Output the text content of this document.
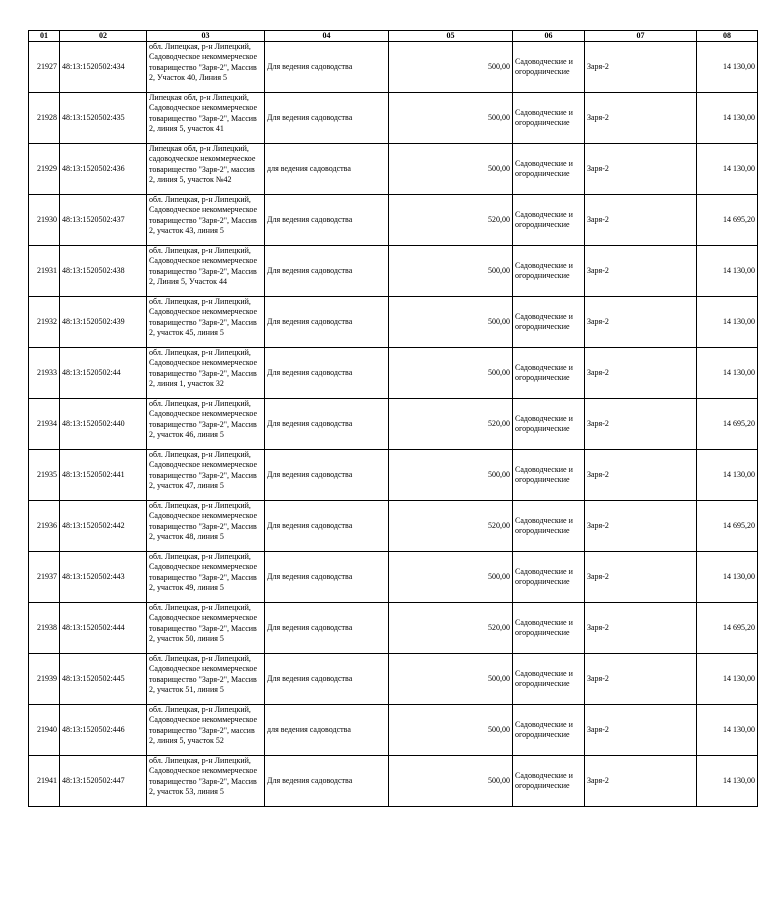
01	02	03	04	05	06	07	08
21927	48:13:1520502:434	обл. Липецкая, р-н Липецкий, Садоводческое некоммерческое товарищество "Заря-2", Массив 2, Участок 40, Линия 5	Для ведения садоводства	500,00	Садоводческие и огороднические	Заря-2	14 130,00
21928	48:13:1520502:435	Липецкая обл, р-н Липецкий, Садоводческое некоммерческое товарищество "Заря-2", Массив 2, линия 5, участок 41	Для ведения садоводства	500,00	Садоводческие и огороднические	Заря-2	14 130,00
21929	48:13:1520502:436	Липецкая обл, р-н Липецкий, садоводческое некоммерческое товарищество "Заря-2", массив 2, линия 5, участок №42	для ведения садоводства	500,00	Садоводческие и огороднические	Заря-2	14 130,00
21930	48:13:1520502:437	обл. Липецкая, р-н Липецкий, Садоводческое некоммерческое товарищество "Заря-2", Массив 2, участок 43, линия 5	Для ведения садоводства	520,00	Садоводческие и огороднические	Заря-2	14 695,20
21931	48:13:1520502:438	обл. Липецкая, р-н Липецкий, Садоводческое некоммерческое товарищество "Заря-2", Массив 2, Линия 5, Участок 44	Для ведения садоводства	500,00	Садоводческие и огороднические	Заря-2	14 130,00
21932	48:13:1520502:439	обл. Липецкая, р-н Липецкий, Садоводческое некоммерческое товарищество "Заря-2", Массив 2, участок 45, линия 5	Для ведения садоводства	500,00	Садоводческие и огороднические	Заря-2	14 130,00
21933	48:13:1520502:44	обл. Липецкая, р-н Липецкий, Садоводческое некоммерческое товарищество "Заря-2", Массив 2, линия 1, участок 32	Для ведения садоводства	500,00	Садоводческие и огороднические	Заря-2	14 130,00
21934	48:13:1520502:440	обл. Липецкая, р-н Липецкий, Садоводческое некоммерческое товарищество "Заря-2", Массив 2, участок 46, линия 5	Для ведения садоводства	520,00	Садоводческие и огороднические	Заря-2	14 695,20
21935	48:13:1520502:441	обл. Липецкая, р-н Липецкий, Садоводческое некоммерческое товарищество "Заря-2", Массив 2, участок 47, линия 5	Для ведения садоводства	500,00	Садоводческие и огороднические	Заря-2	14 130,00
21936	48:13:1520502:442	обл. Липецкая, р-н Липецкий, Садоводческое некоммерческое товарищество "Заря-2", Массив 2, участок 48, линия 5	Для ведения садоводства	520,00	Садоводческие и огороднические	Заря-2	14 695,20
21937	48:13:1520502:443	обл. Липецкая, р-н Липецкий, Садоводческое некоммерческое товарищество "Заря-2", Массив 2, участок 49, линия 5	Для ведения садоводства	500,00	Садоводческие и огороднические	Заря-2	14 130,00
21938	48:13:1520502:444	обл. Липецкая, р-н Липецкий, Садоводческое некоммерческое товарищество "Заря-2", Массив 2, участок 50, линия 5	Для ведения садоводства	520,00	Садоводческие и огороднические	Заря-2	14 695,20
21939	48:13:1520502:445	обл. Липецкая, р-н Липецкий, Садоводческое некоммерческое товарищество "Заря-2", Массив 2, участок 51, линия 5	Для ведения садоводства	500,00	Садоводческие и огороднические	Заря-2	14 130,00
21940	48:13:1520502:446	обл. Липецкая, р-н Липецкий, Садоводческое некоммерческое товарищество "Заря-2", массив 2, линия 5, участок 52	для ведения садоводства	500,00	Садоводческие и огороднические	Заря-2	14 130,00
21941	48:13:1520502:447	обл. Липецкая, р-н Липецкий, Садоводческое некоммерческое товарищество "Заря-2", Массив 2, участок 53, линия 5	Для ведения садоводства	500,00	Садоводческие и огороднические	Заря-2	14 130,00
